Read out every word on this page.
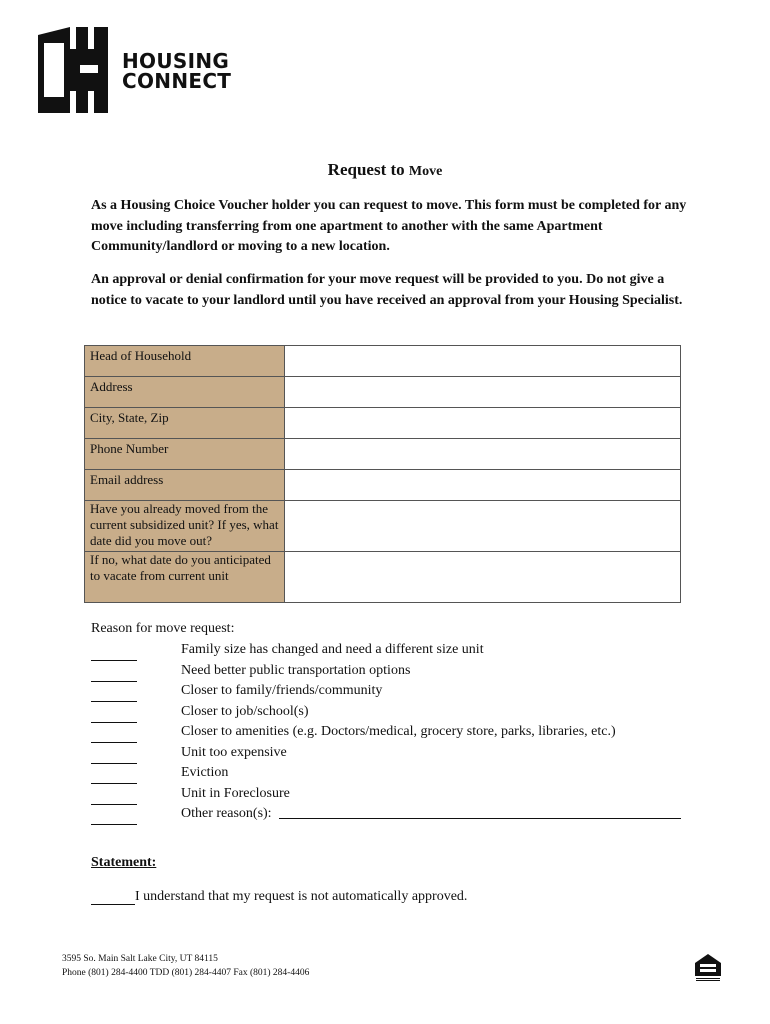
HOUSING
CONNECT
Request to Move
As a Housing Choice Voucher holder you can request to move. This form must be completed for any move including transferring from one apartment to another with the same Apartment Community/landlord or moving to a new location.
An approval or denial confirmation for your move request will be provided to you. Do not give a notice to vacate to your landlord until you have received an approval from your Housing Specialist.
Head of Household	
Address	
City, State, Zip	
Phone Number	
Email address	
Have you already moved from the current subsidized unit? If yes, what date did you move out?	
If no, what date do you anticipated to vacate from current unit	
Reason for move request:
Family size has changed and need a different size unit
Need better public transportation options
Closer to family/friends/community
Closer to job/school(s)
Closer to amenities (e.g. Doctors/medical, grocery store, parks, libraries, etc.)
Unit too expensive
Eviction
Unit in Foreclosure
Other reason(s):
Statement:
I understand that my request is not automatically approved.
3595 So. Main Salt Lake City, UT 84115
Phone (801) 284-4400 TDD (801) 284-4407 Fax (801) 284-4406
